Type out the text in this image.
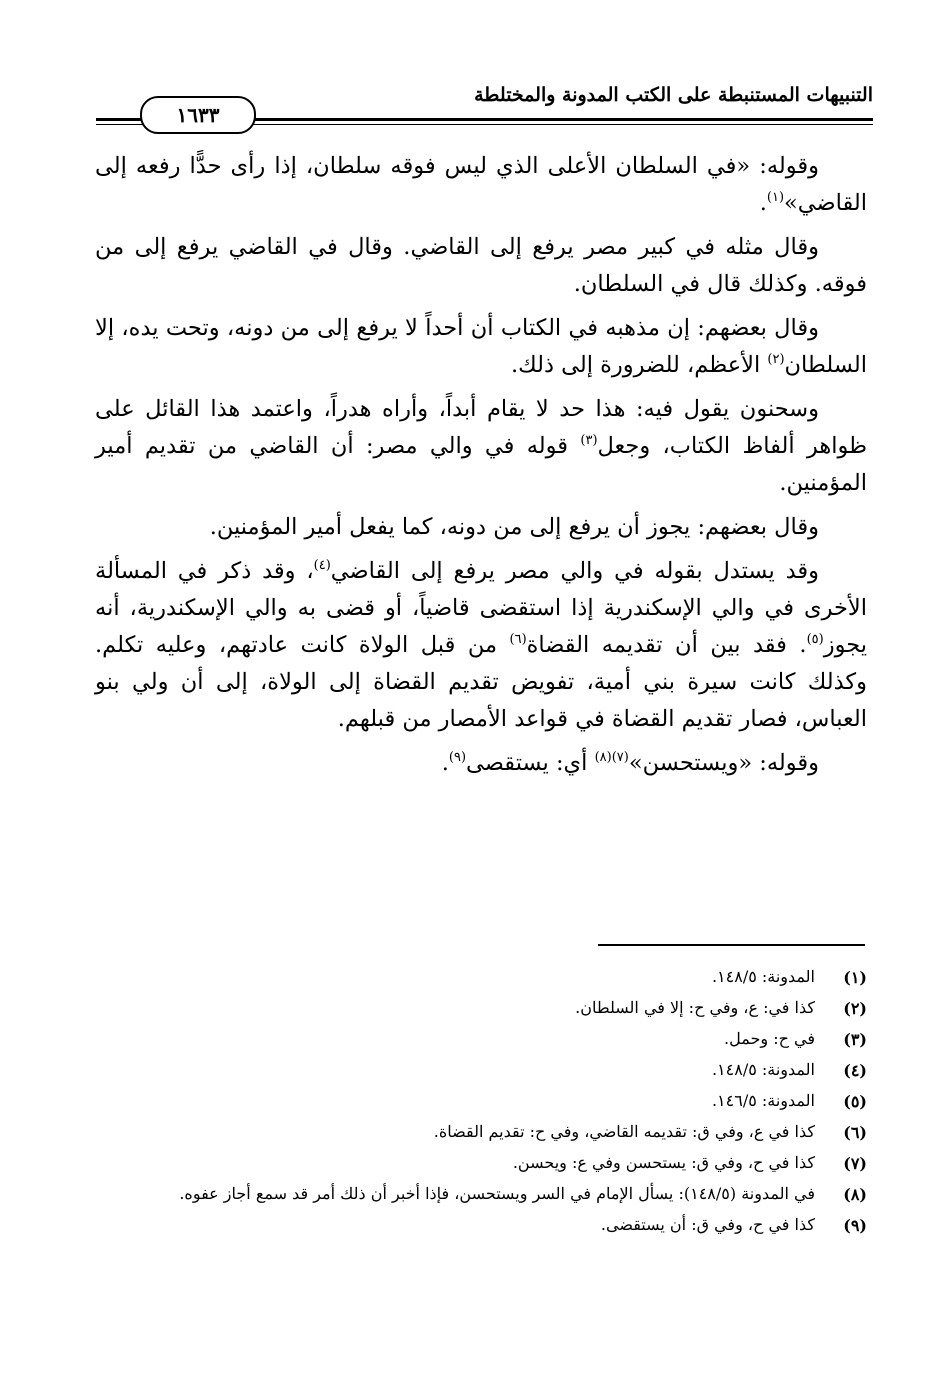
التنبيهات المستنبطة على الكتب المدونة والمختلطة
١٦٣٣

وقوله: «في السلطان الأعلى الذي ليس فوقه سلطان، إذا رأى حدًّا رفعه إلى القاضي»$^{(١)}$.

وقال مثله في كبير مصر يرفع إلى القاضي. وقال في القاضي يرفع إلى من فوقه. وكذلك قال في السلطان.

وقال بعضهم: إن مذهبه في الكتاب أن أحداً لا يرفع إلى من دونه، وتحت يده، إلا السلطان$^{(٢)}$ الأعظم، للضرورة إلى ذلك.

وسحنون يقول فيه: هذا حد لا يقام أبداً، وأراه هدراً، واعتمد هذا القائل على ظواهر ألفاظ الكتاب، وجعل$^{(٣)}$ قوله في والي مصر: أن القاضي من تقديم أمير المؤمنين.

وقال بعضهم: يجوز أن يرفع إلى من دونه، كما يفعل أمير المؤمنين.

وقد يستدل بقوله في والي مصر يرفع إلى القاضي$^{(٤)}$، وقد ذكر في المسألة الأخرى في والي الإسكندرية إذا استقضى قاضياً، أو قضى به والي الإسكندرية، أنه يجوز$^{(٥)}$. فقد بين أن تقديمه القضاة$^{(٦)}$ من قبل الولاة كانت عادتهم، وعليه تكلم. وكذلك كانت سيرة بني أمية، تفويض تقديم القضاة إلى الولاة، إلى أن ولي بنو العباس، فصار تقديم القضاة في قواعد الأمصار من قبلهم.

وقوله: «ويستحسن»$^{(٧)(٨)}$ أي: يستقصى$^{(٩)}$.

(١)
المدونة: ١٤٨/٥.
(٢)
كذا في: ع، وفي ح: إلا في السلطان.
(٣)
في ح: وحمل.
(٤)
المدونة: ١٤٨/٥.
(٥)
المدونة: ١٤٦/٥.
(٦)
كذا في ع، وفي ق: تقديمه القاضي، وفي ح: تقديم القضاة.
(٧)
كذا في ح، وفي ق: يستحسن وفي ع: ويحسن.
(٨)
في المدونة (١٤٨/٥): يسأل الإمام في السر ويستحسن، فإذا أخبر أن ذلك أمر قد سمع أجاز عفوه.
(٩)
كذا في ح، وفي ق: أن يستقضى.
